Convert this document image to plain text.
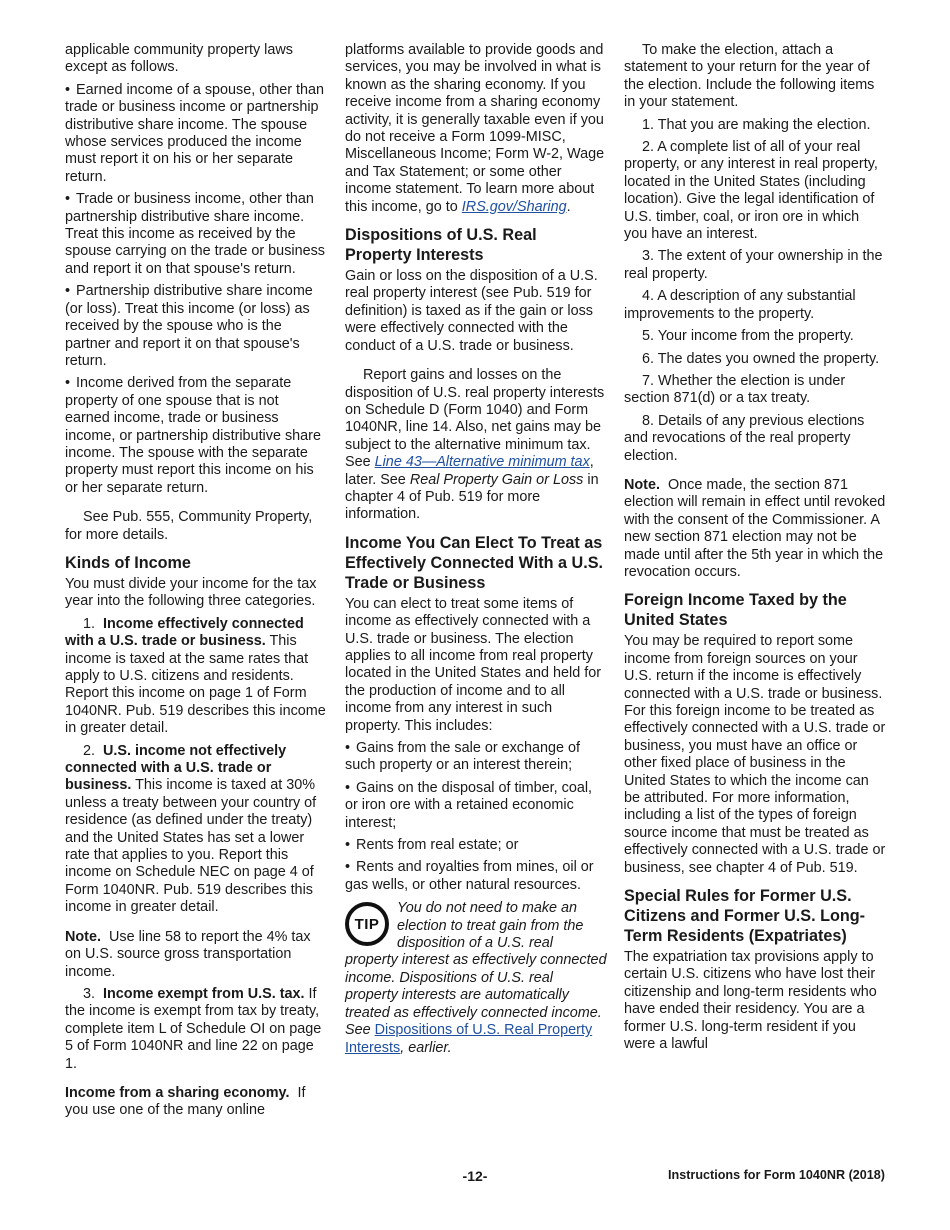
applicable community property laws except as follows.

• Earned income of a spouse, other than trade or business income or partnership distributive share income. The spouse whose services produced the income must report it on his or her separate return.

• Trade or business income, other than partnership distributive share income. Treat this income as received by the spouse carrying on the trade or business and report it on that spouse's return.

• Partnership distributive share income (or loss). Treat this income (or loss) as received by the spouse who is the partner and report it on that spouse's return.

• Income derived from the separate property of one spouse that is not earned income, trade or business income, or partnership distributive share income. The spouse with the separate property must report this income on his or her separate return.

See Pub. 555, Community Property, for more details.

Kinds of Income

You must divide your income for the tax year into the following three categories.

1. Income effectively connected with a U.S. trade or business. This income is taxed at the same rates that apply to U.S. citizens and residents. Report this income on page 1 of Form 1040NR. Pub. 519 describes this income in greater detail.

2. U.S. income not effectively connected with a U.S. trade or business. This income is taxed at 30% unless a treaty between your country of residence (as defined under the treaty) and the United States has set a lower rate that applies to you. Report this income on Schedule NEC on page 4 of Form 1040NR. Pub. 519 describes this income in greater detail.

Note. Use line 58 to report the 4% tax on U.S. source gross transportation income.

3. Income exempt from U.S. tax. If the income is exempt from tax by treaty, complete item L of Schedule OI on page 5 of Form 1040NR and line 22 on page 1.

Income from a sharing economy. If you use one of the many online

platforms available to provide goods and services, you may be involved in what is known as the sharing economy. If you receive income from a sharing economy activity, it is generally taxable even if you do not receive a Form 1099-MISC, Miscellaneous Income; Form W-2, Wage and Tax Statement; or some other income statement. To learn more about this income, go to IRS.gov/Sharing.

Dispositions of U.S. Real Property Interests

Gain or loss on the disposition of a U.S. real property interest (see Pub. 519 for definition) is taxed as if the gain or loss were effectively connected with the conduct of a U.S. trade or business.

Report gains and losses on the disposition of U.S. real property interests on Schedule D (Form 1040) and Form 1040NR, line 14. Also, net gains may be subject to the alternative minimum tax. See Line 43—Alternative minimum tax, later. See Real Property Gain or Loss in chapter 4 of Pub. 519 for more information.

Income You Can Elect To Treat as Effectively Connected With a U.S. Trade or Business

You can elect to treat some items of income as effectively connected with a U.S. trade or business. The election applies to all income from real property located in the United States and held for the production of income and to all income from any interest in such property. This includes:

• Gains from the sale or exchange of such property or an interest therein;

• Gains on the disposal of timber, coal, or iron ore with a retained economic interest;

• Rents from real estate; or

• Rents and royalties from mines, oil or gas wells, or other natural resources.

TIP
You do not need to make an election to treat gain from the disposition of a U.S. real property interest as effectively connected income. Dispositions of U.S. real property interests are automatically treated as effectively connected income. See Dispositions of U.S. Real Property Interests, earlier.

To make the election, attach a statement to your return for the year of the election. Include the following items in your statement.

1. That you are making the election.

2. A complete list of all of your real property, or any interest in real property, located in the United States (including location). Give the legal identification of U.S. timber, coal, or iron ore in which you have an interest.

3. The extent of your ownership in the real property.

4. A description of any substantial improvements to the property.

5. Your income from the property.

6. The dates you owned the property.

7. Whether the election is under section 871(d) or a tax treaty.

8. Details of any previous elections and revocations of the real property election.

Note. Once made, the section 871 election will remain in effect until revoked with the consent of the Commissioner. A new section 871 election may not be made until after the 5th year in which the revocation occurs.

Foreign Income Taxed by the United States

You may be required to report some income from foreign sources on your U.S. return if the income is effectively connected with a U.S. trade or business. For this foreign income to be treated as effectively connected with a U.S. trade or business, you must have an office or other fixed place of business in the United States to which the income can be attributed. For more information, including a list of the types of foreign source income that must be treated as effectively connected with a U.S. trade or business, see chapter 4 of Pub. 519.

Special Rules for Former U.S. Citizens and Former U.S. Long-Term Residents (Expatriates)

The expatriation tax provisions apply to certain U.S. citizens who have lost their citizenship and long-term residents who have ended their residency. You are a former U.S. long-term resident if you were a lawful

-12-	Instructions for Form 1040NR (2018)
